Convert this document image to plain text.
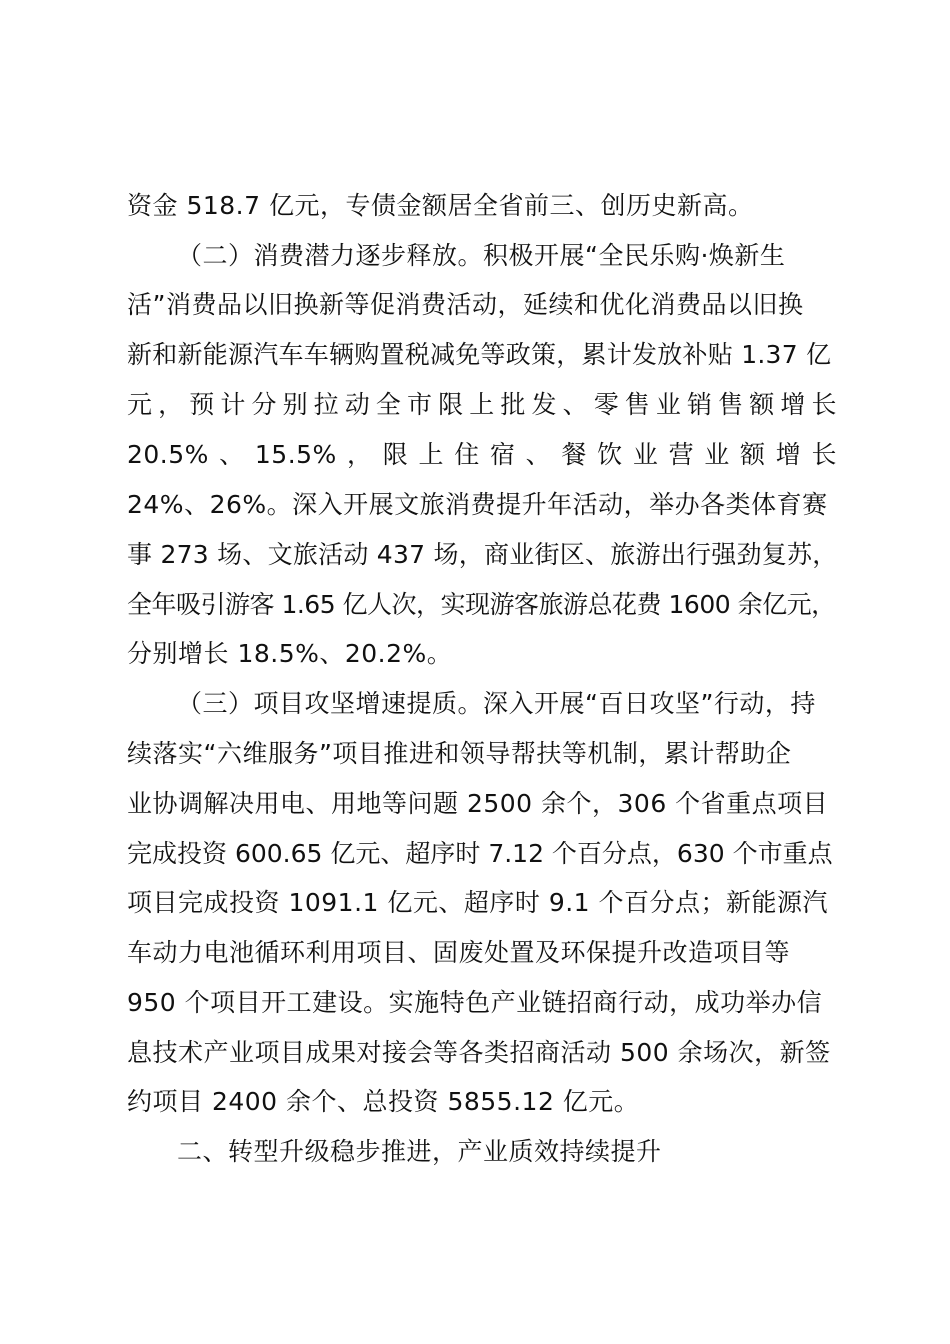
资金 518.7 亿元，专债金额居全省前三、创历史新高。
（二）消费潜力逐步释放。积极开展“全民乐购·焕新生
活”消费品以旧换新等促消费活动，延续和优化消费品以旧换
新和新能源汽车车辆购置税减免等政策，累计发放补贴 1.37 亿
元，预计分别拉动全市限上批发、零售业销售额增长
20.5%、15.5%，限上住宿、餐饮业营业额增长
24%、26%。深入开展文旅消费提升年活动，举办各类体育赛
事 273 场、文旅活动 437 场，商业街区、旅游出行强劲复苏，
全年吸引游客 1.65 亿人次，实现游客旅游总花费 1600 余亿元，
分别增长 18.5%、20.2%。
（三）项目攻坚增速提质。深入开展“百日攻坚”行动，持
续落实“六维服务”项目推进和领导帮扶等机制，累计帮助企
业协调解决用电、用地等问题 2500 余个，306 个省重点项目
完成投资 600.65 亿元、超序时 7.12 个百分点，630 个市重点
项目完成投资 1091.1 亿元、超序时 9.1 个百分点；新能源汽
车动力电池循环利用项目、固废处置及环保提升改造项目等
950 个项目开工建设。实施特色产业链招商行动，成功举办信
息技术产业项目成果对接会等各类招商活动 500 余场次，新签
约项目 2400 余个、总投资 5855.12 亿元。
二、转型升级稳步推进，产业质效持续提升
